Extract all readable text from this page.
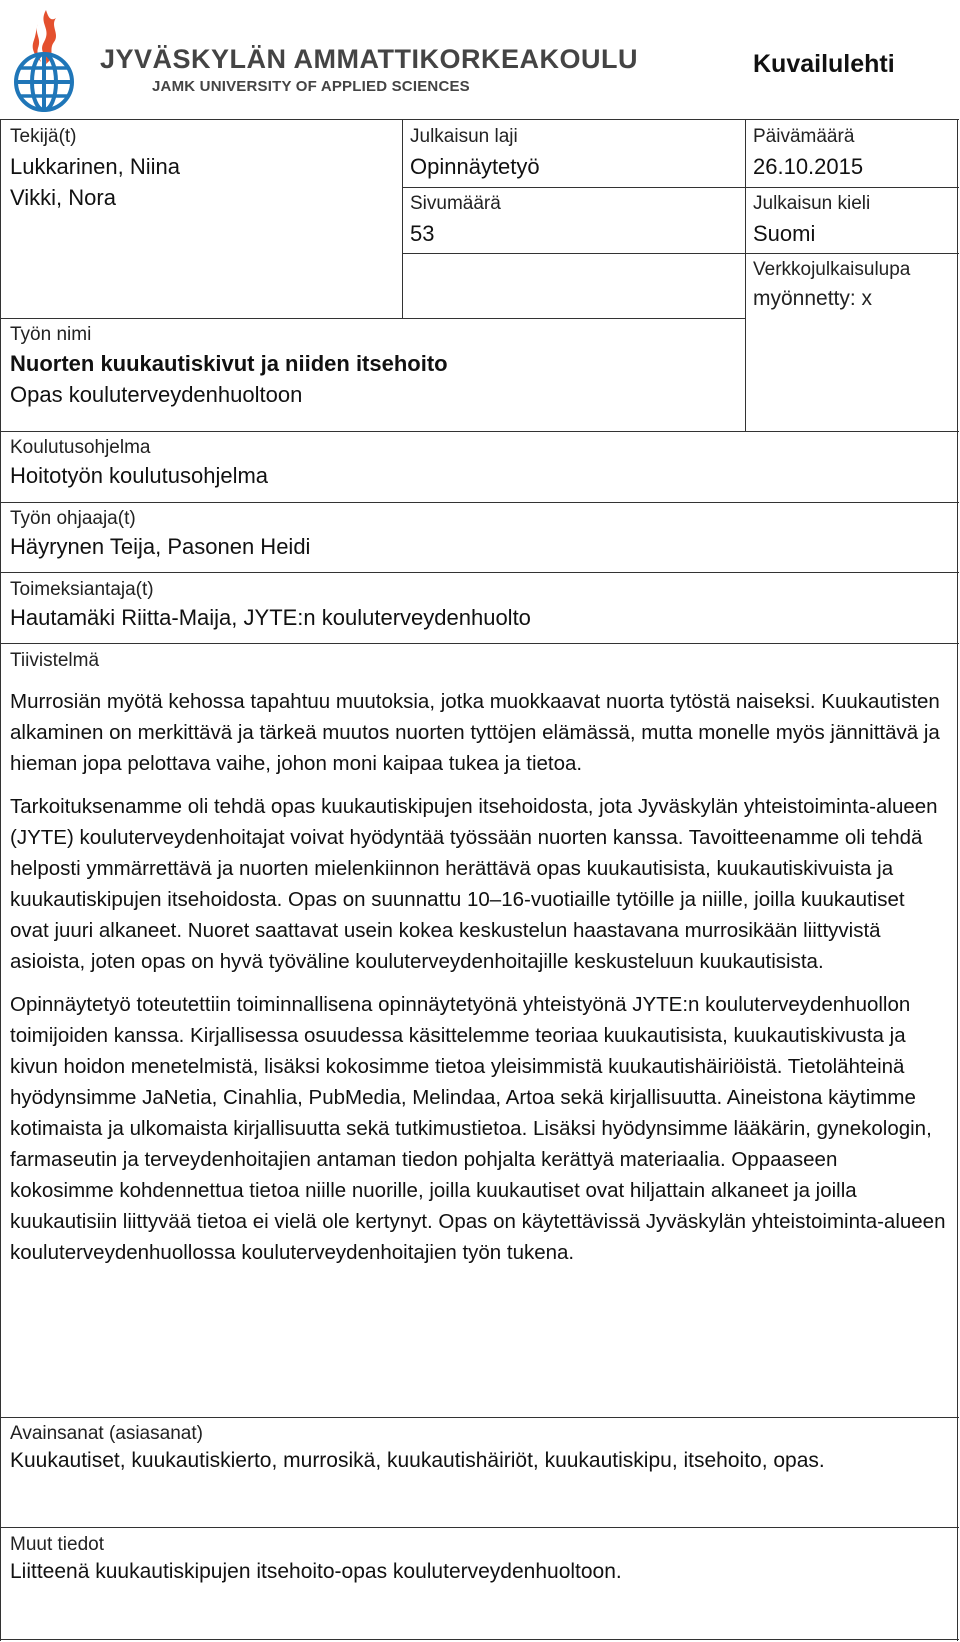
JYVÄSKYLÄN AMMATTIKORKEAKOULU
JAMK UNIVERSITY OF APPLIED SCIENCES
Kuvailulehti
Tekijä(t)
Lukkarinen, Niina
Vikki, Nora
Julkaisun laji
Opinnäytetyö
Sivumäärä
53
Päivämäärä
26.10.2015
Julkaisun kieli
Suomi
Verkkojulkaisulupa
myönnetty: x
Työn nimi
Nuorten kuukautiskivut ja niiden itsehoito
Opas kouluterveydenhuoltoon
Koulutusohjelma
Hoitotyön koulutusohjelma
Työn ohjaaja(t)
Häyrynen Teija, Pasonen Heidi
Toimeksiantaja(t)
Hautamäki Riitta-Maija, JYTE:n kouluterveydenhuolto
Tiivistelmä

Murrosiän myötä kehossa tapahtuu muutoksia, jotka muokkaavat nuorta tytöstä naiseksi. Kuukautisten alkaminen on merkittävä ja tärkeä muutos nuorten tyttöjen elämässä, mutta monelle myös jännittävä ja hieman jopa pelottava vaihe, johon moni kaipaa tukea ja tietoa.

Tarkoituksenamme oli tehdä opas kuukautiskipujen itsehoidosta, jota Jyväskylän yhteistoiminta-alueen (JYTE) kouluterveydenhoitajat voivat hyödyntää työssään nuorten kanssa. Tavoitteenamme oli tehdä helposti ymmärrettävä ja nuorten mielenkiinnon herättävä opas kuukautisista, kuukautiskivuista ja kuukautiskipujen itsehoidosta. Opas on suunnattu 10–16-vuotiaille tytöille ja niille, joilla kuukautiset ovat juuri alkaneet. Nuoret saattavat usein kokea keskustelun haastavana murrosikään liittyvistä asioista, joten opas on hyvä työväline kouluterveydenhoitajille keskusteluun kuukautisista.

Opinnäytetyö toteutettiin toiminnallisena opinnäytetyönä yhteistyönä JYTE:n kouluterveydenhuollon toimijoiden kanssa. Kirjallisessa osuudessa käsittelemme teoriaa kuukautisista, kuukautiskivusta ja kivun hoidon menetelmistä, lisäksi kokosimme tietoa yleisimmistä kuukautishäiriöistä. Tietolähteinä hyödynsimme JaNetia, Cinahlia, PubMedia, Melindaa, Artoa sekä kirjallisuutta. Aineistona käytimme kotimaista ja ulkomaista kirjallisuutta sekä tutkimustietoa. Lisäksi hyödynsimme lääkärin, gynekologin, farmaseutin ja terveydenhoitajien antaman tiedon pohjalta kerättyä materiaalia. Oppaaseen kokosimme kohdennettua tietoa niille nuorille, joilla kuukautiset ovat hiljattain alkaneet ja joilla kuukautisiin liittyvää tietoa ei vielä ole kertynyt. Opas on käytettävissä Jyväskylän yhteistoiminta-alueen kouluterveydenhuollossa kouluterveydenhoitajien työn tukena.

Avainsanat (asiasanat)
Kuukautiset, kuukautiskierto, murrosikä, kuukautishäiriöt, kuukautiskipu, itsehoito, opas.
Muut tiedot
Liitteenä kuukautiskipujen itsehoito-opas kouluterveydenhuoltoon.
